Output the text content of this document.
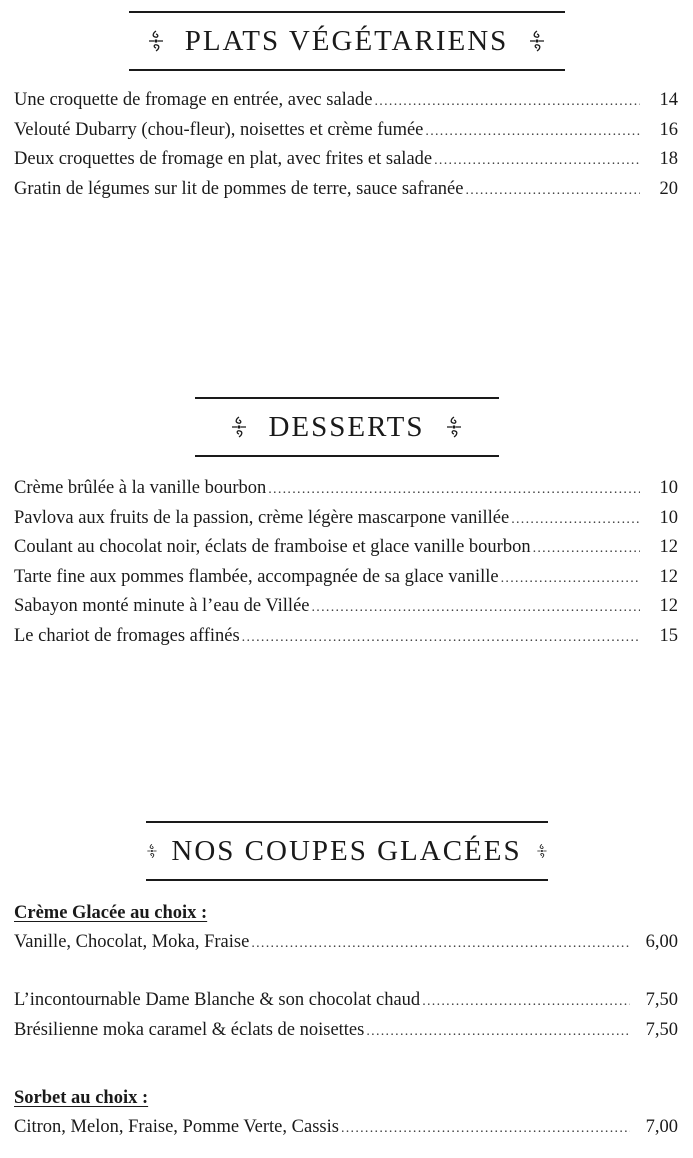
PLATS VÉGÉTARIENS
Une croquette de fromage en entrée, avec salade .....	14
Velouté Dubarry (chou-fleur), noisettes et crème fumée .....	16
Deux croquettes de fromage en plat, avec frites et salade .....	18
Gratin de légumes sur lit de pommes de terre, sauce safranée .....	20
DESSERTS
Crème brûlée à la vanille bourbon .....	10
Pavlova aux fruits de la passion, crème légère mascarpone vanillée .....	10
Coulant au chocolat noir, éclats de framboise et glace vanille bourbon .....	12
Tarte fine aux pommes flambée, accompagnée de sa glace vanille .....	12
Sabayon monté minute à l’eau de Villée .....	12
Le chariot de fromages affinés .....	15
NOS COUPES GLACÉES

Crème Glacée au choix :

Vanille, Chocolat, Moka, Fraise .....	6,00
L’incontournable Dame Blanche & son chocolat chaud .....	7,50
Brésilienne moka caramel & éclats de noisettes .....	7,50

Sorbet au choix :

Citron, Melon, Fraise, Pomme Verte, Cassis .....	7,00
